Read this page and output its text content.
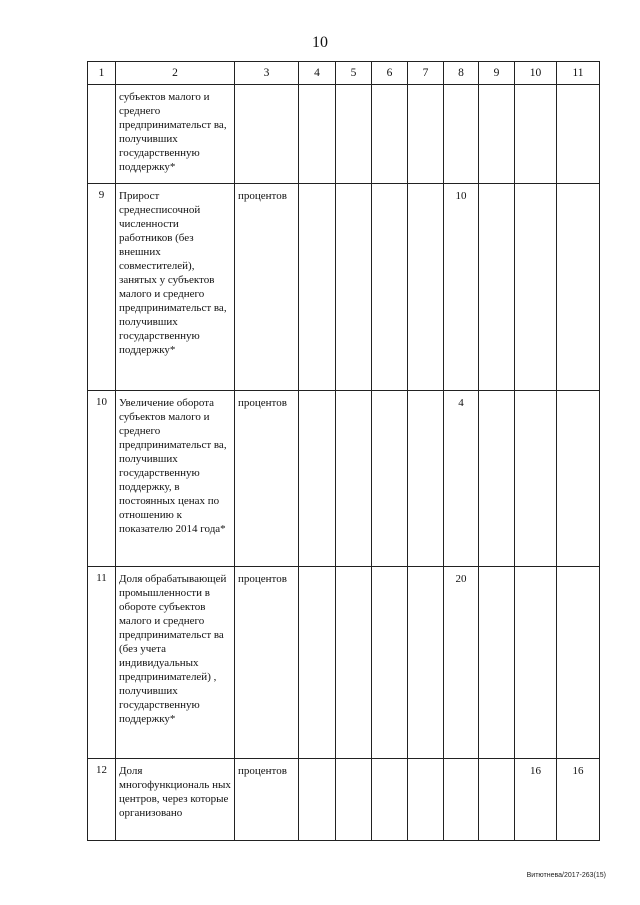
10
1	2	3	4	5	6	7	8	9	10	11
	субъектов малого и среднего предпринимательст ва, получивших государственную поддержку*									
9	Прирост среднесписочной численности работников (без внешних совместителей), занятых у субъектов малого и среднего предпринимательст ва, получивших государственную поддержку*	процентов					10			
10	Увеличение оборота субъектов малого и среднего предпринимательст ва, получивших государственную поддержку, в постоянных ценах по отношению к показателю 2014 года*	процентов					4			
11	Доля обрабатывающей промышленности в обороте субъектов малого и среднего предпринимательст ва (без учета индивидуальных предпринимателей) , получивших государственную поддержку*	процентов					20			
12	Доля многофункциональ ных центров, через которые организовано	процентов							16	16
Витютнева/2017-263(15)
